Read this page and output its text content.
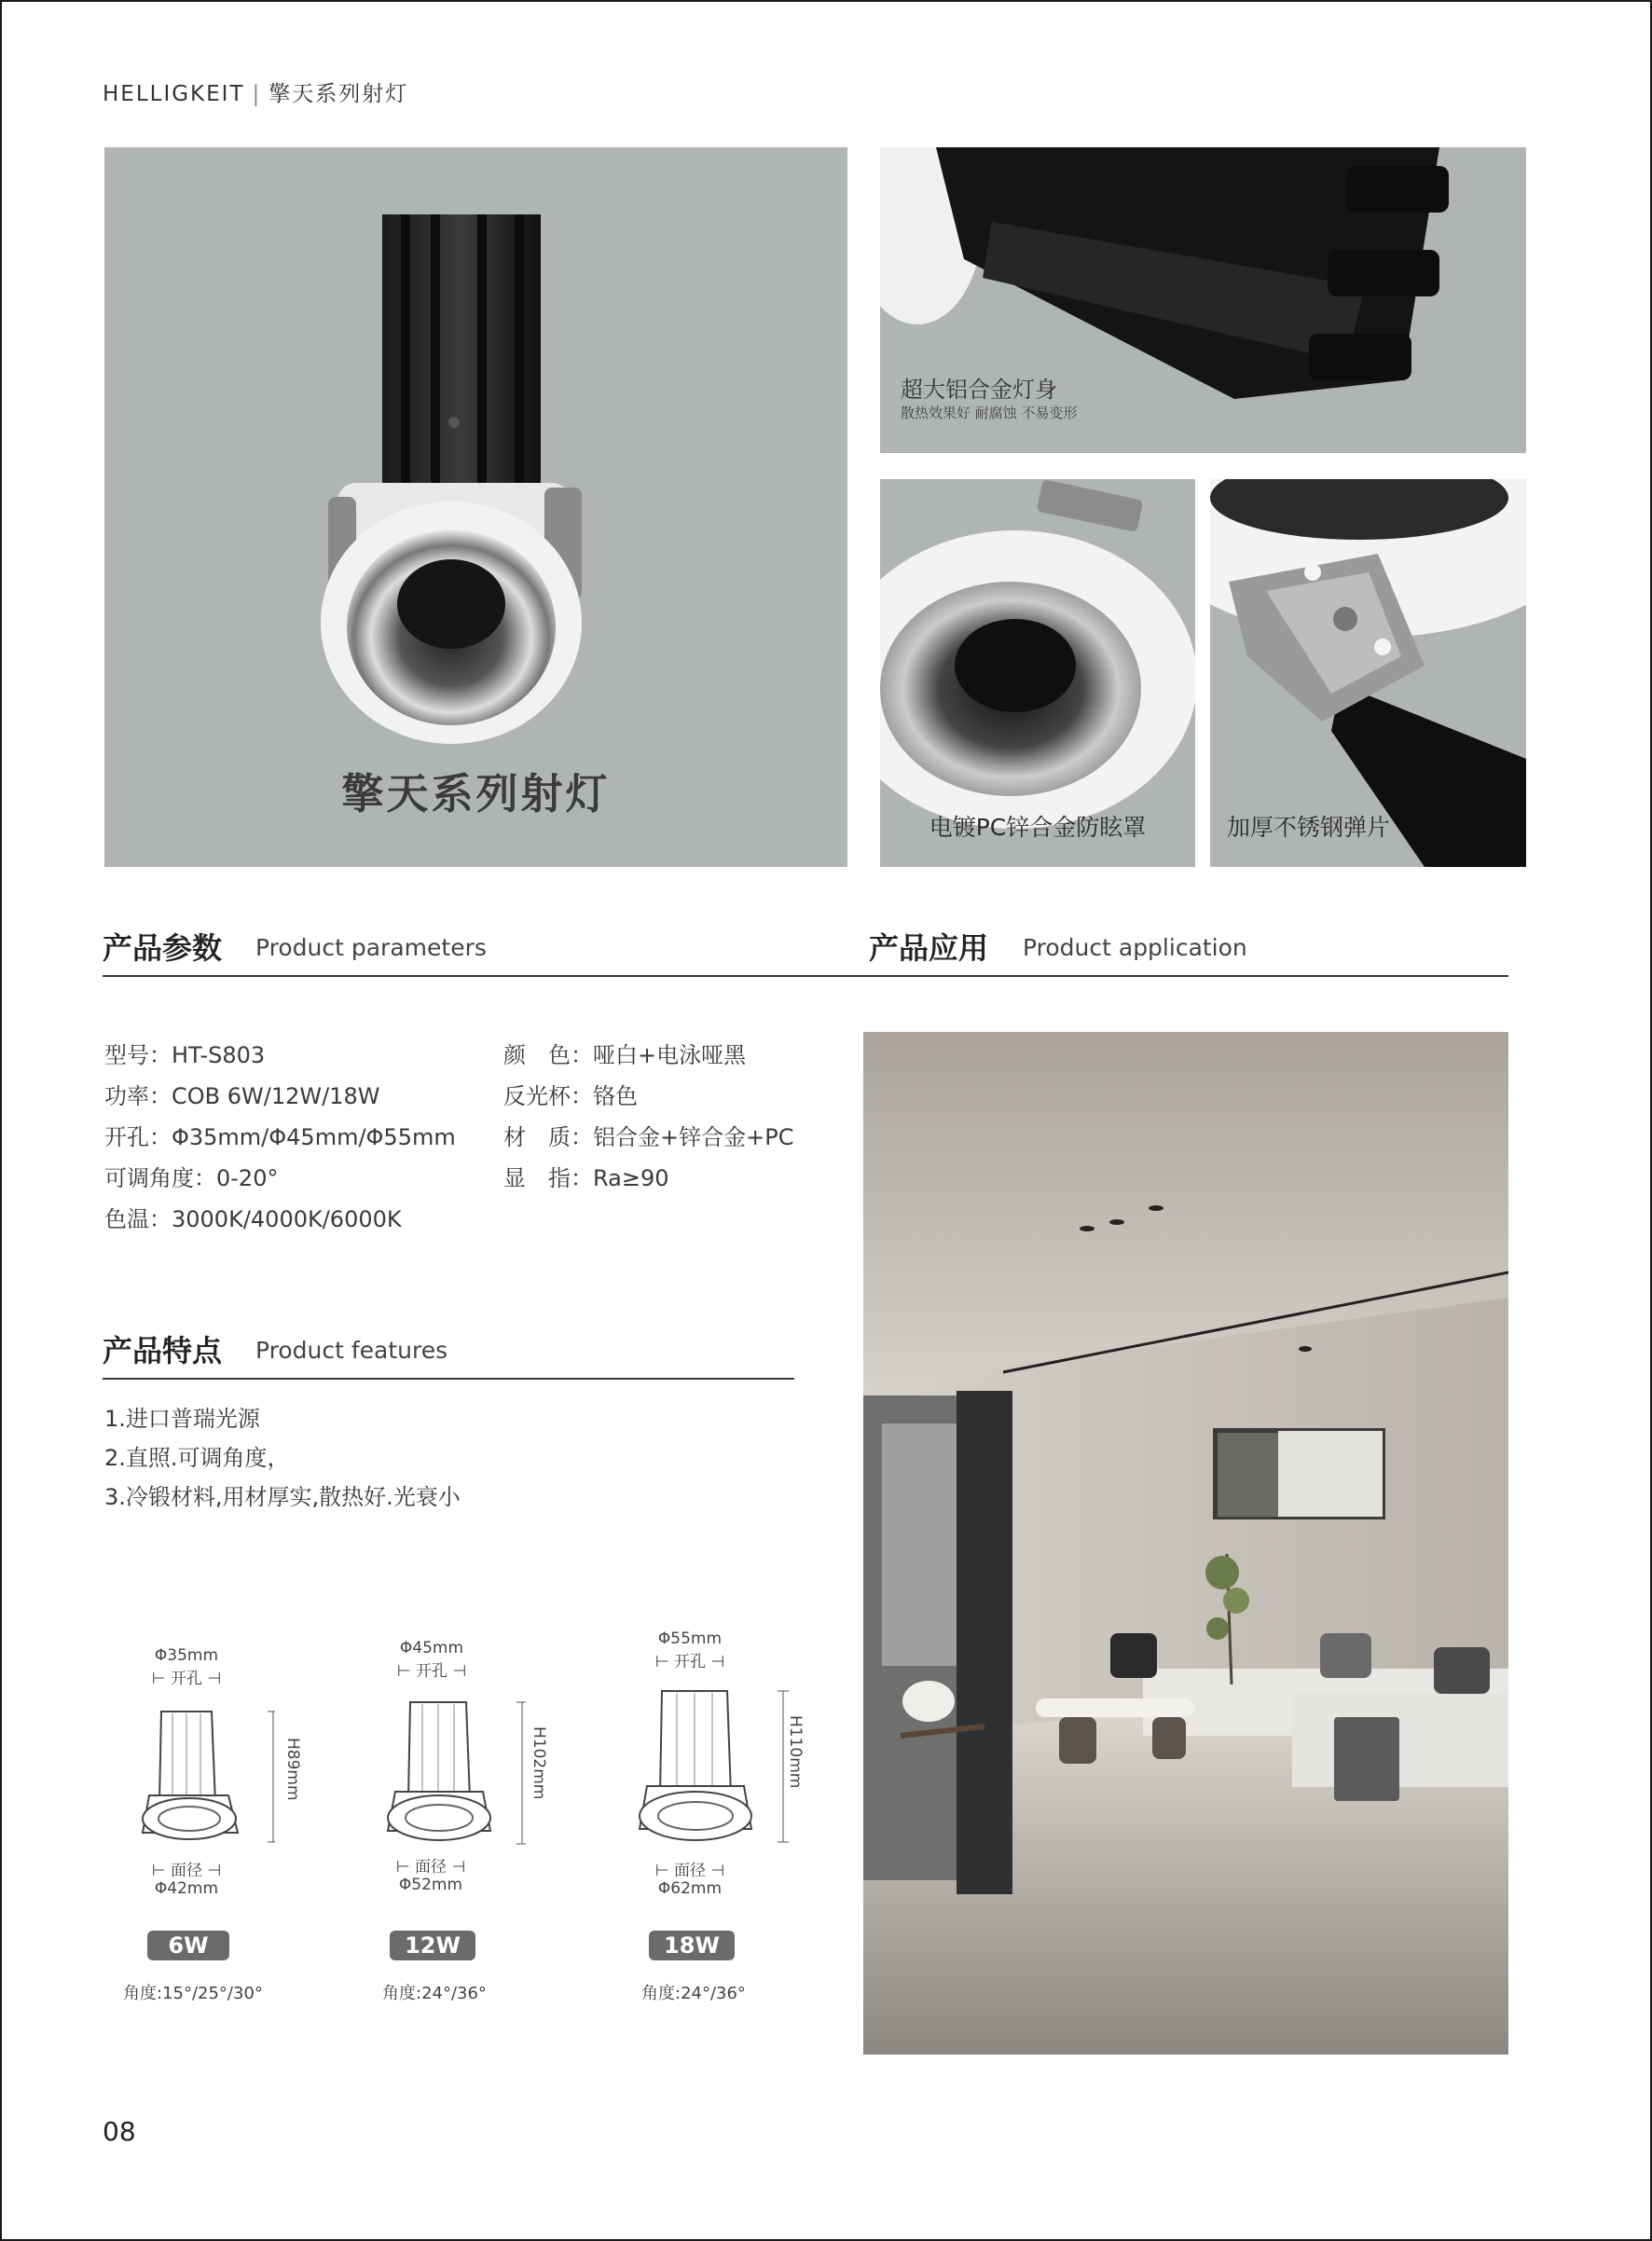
HELLIGKEIT | 擎天系列射灯
擎天系列射灯
超大铝合金灯身
散热效果好 耐腐蚀 不易变形
电镀PC锌合金防眩罩	加厚不锈钢弹片
产品参数 Product parameters	产品应用 Product application
型号：HT-S803
功率：COB 6W/12W/18W
开孔：Φ35mm/Φ45mm/Φ55mm
可调角度：0-20°
色温：3000K/4000K/6000K
颜　色：哑白+电泳哑黑
反光杯：铬色
材　质：铝合金+锌合金+PC
显　指：Ra≥90
产品特点 Product features
1.进口普瑞光源
2.直照.可调角度，
3.冷锻材料,用材厚实,散热好.光衰小
Φ35mm
⊢ 开孔 ⊣
H89mm
⊢ 面径 ⊣
Φ42mm
6W
角度:15°/25°/30°
Φ45mm
⊢ 开孔 ⊣
H102mm
⊢ 面径 ⊣
Φ52mm
12W
角度:24°/36°
Φ55mm
⊢ 开孔 ⊣
H110mm
⊢ 面径 ⊣
Φ62mm
18W
角度:24°/36°
08
